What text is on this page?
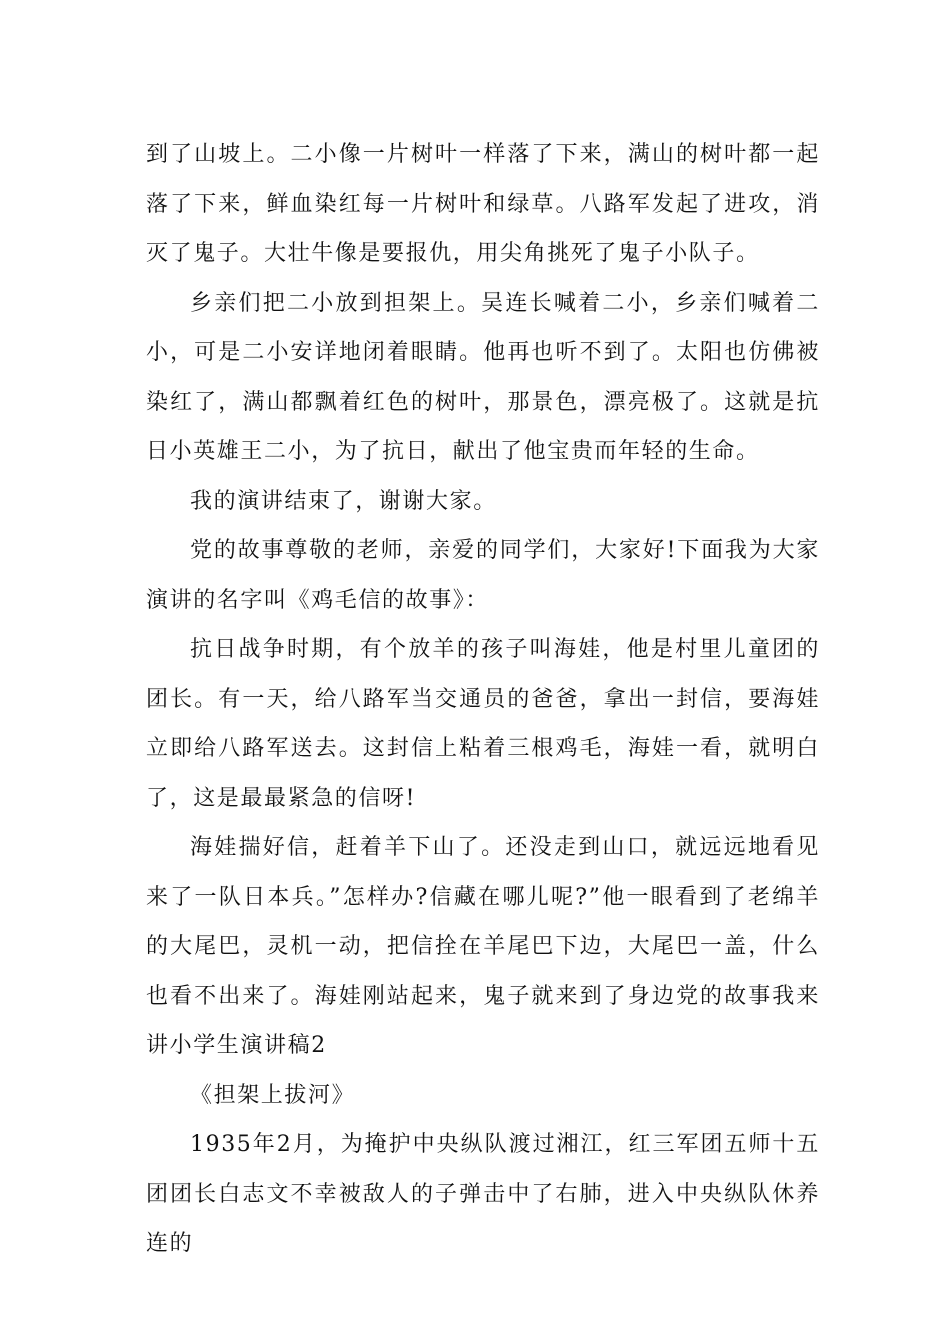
到了山坡上。二小像一片树叶一样落了下来，满山的树叶都一起落了下来，鲜血染红每一片树叶和绿草。八路军发起了进攻，消灭了鬼子。大壮牛像是要报仇，用尖角挑死了鬼子小队子。

乡亲们把二小放到担架上。吴连长喊着二小，乡亲们喊着二小，可是二小安详地闭着眼睛。他再也听不到了。太阳也仿佛被染红了，满山都飘着红色的树叶，那景色，漂亮极了。这就是抗日小英雄王二小，为了抗日，献出了他宝贵而年轻的生命。

我的演讲结束了，谢谢大家。

党的故事尊敬的老师，亲爱的同学们，大家好!下面我为大家演讲的名字叫《鸡毛信的故事》：

抗日战争时期，有个放羊的孩子叫海娃，他是村里儿童团的团长。有一天，给八路军当交通员的爸爸，拿出一封信，要海娃立即给八路军送去。这封信上粘着三根鸡毛，海娃一看，就明白了，这是最最紧急的信呀!

海娃揣好信，赶着羊下山了。还没走到山口，就远远地看见来了一队日本兵。”怎样办?信藏在哪儿呢?”他一眼看到了老绵羊的大尾巴，灵机一动，把信拴在羊尾巴下边，大尾巴一盖，什么也看不出来了。海娃刚站起来，鬼子就来到了身边党的故事我来讲小学生演讲稿2

《担架上拔河》

1935年2月，为掩护中央纵队渡过湘江，红三军团五师十五团团长白志文不幸被敌人的子弹击中了右肺，进入中央纵队休养连的
